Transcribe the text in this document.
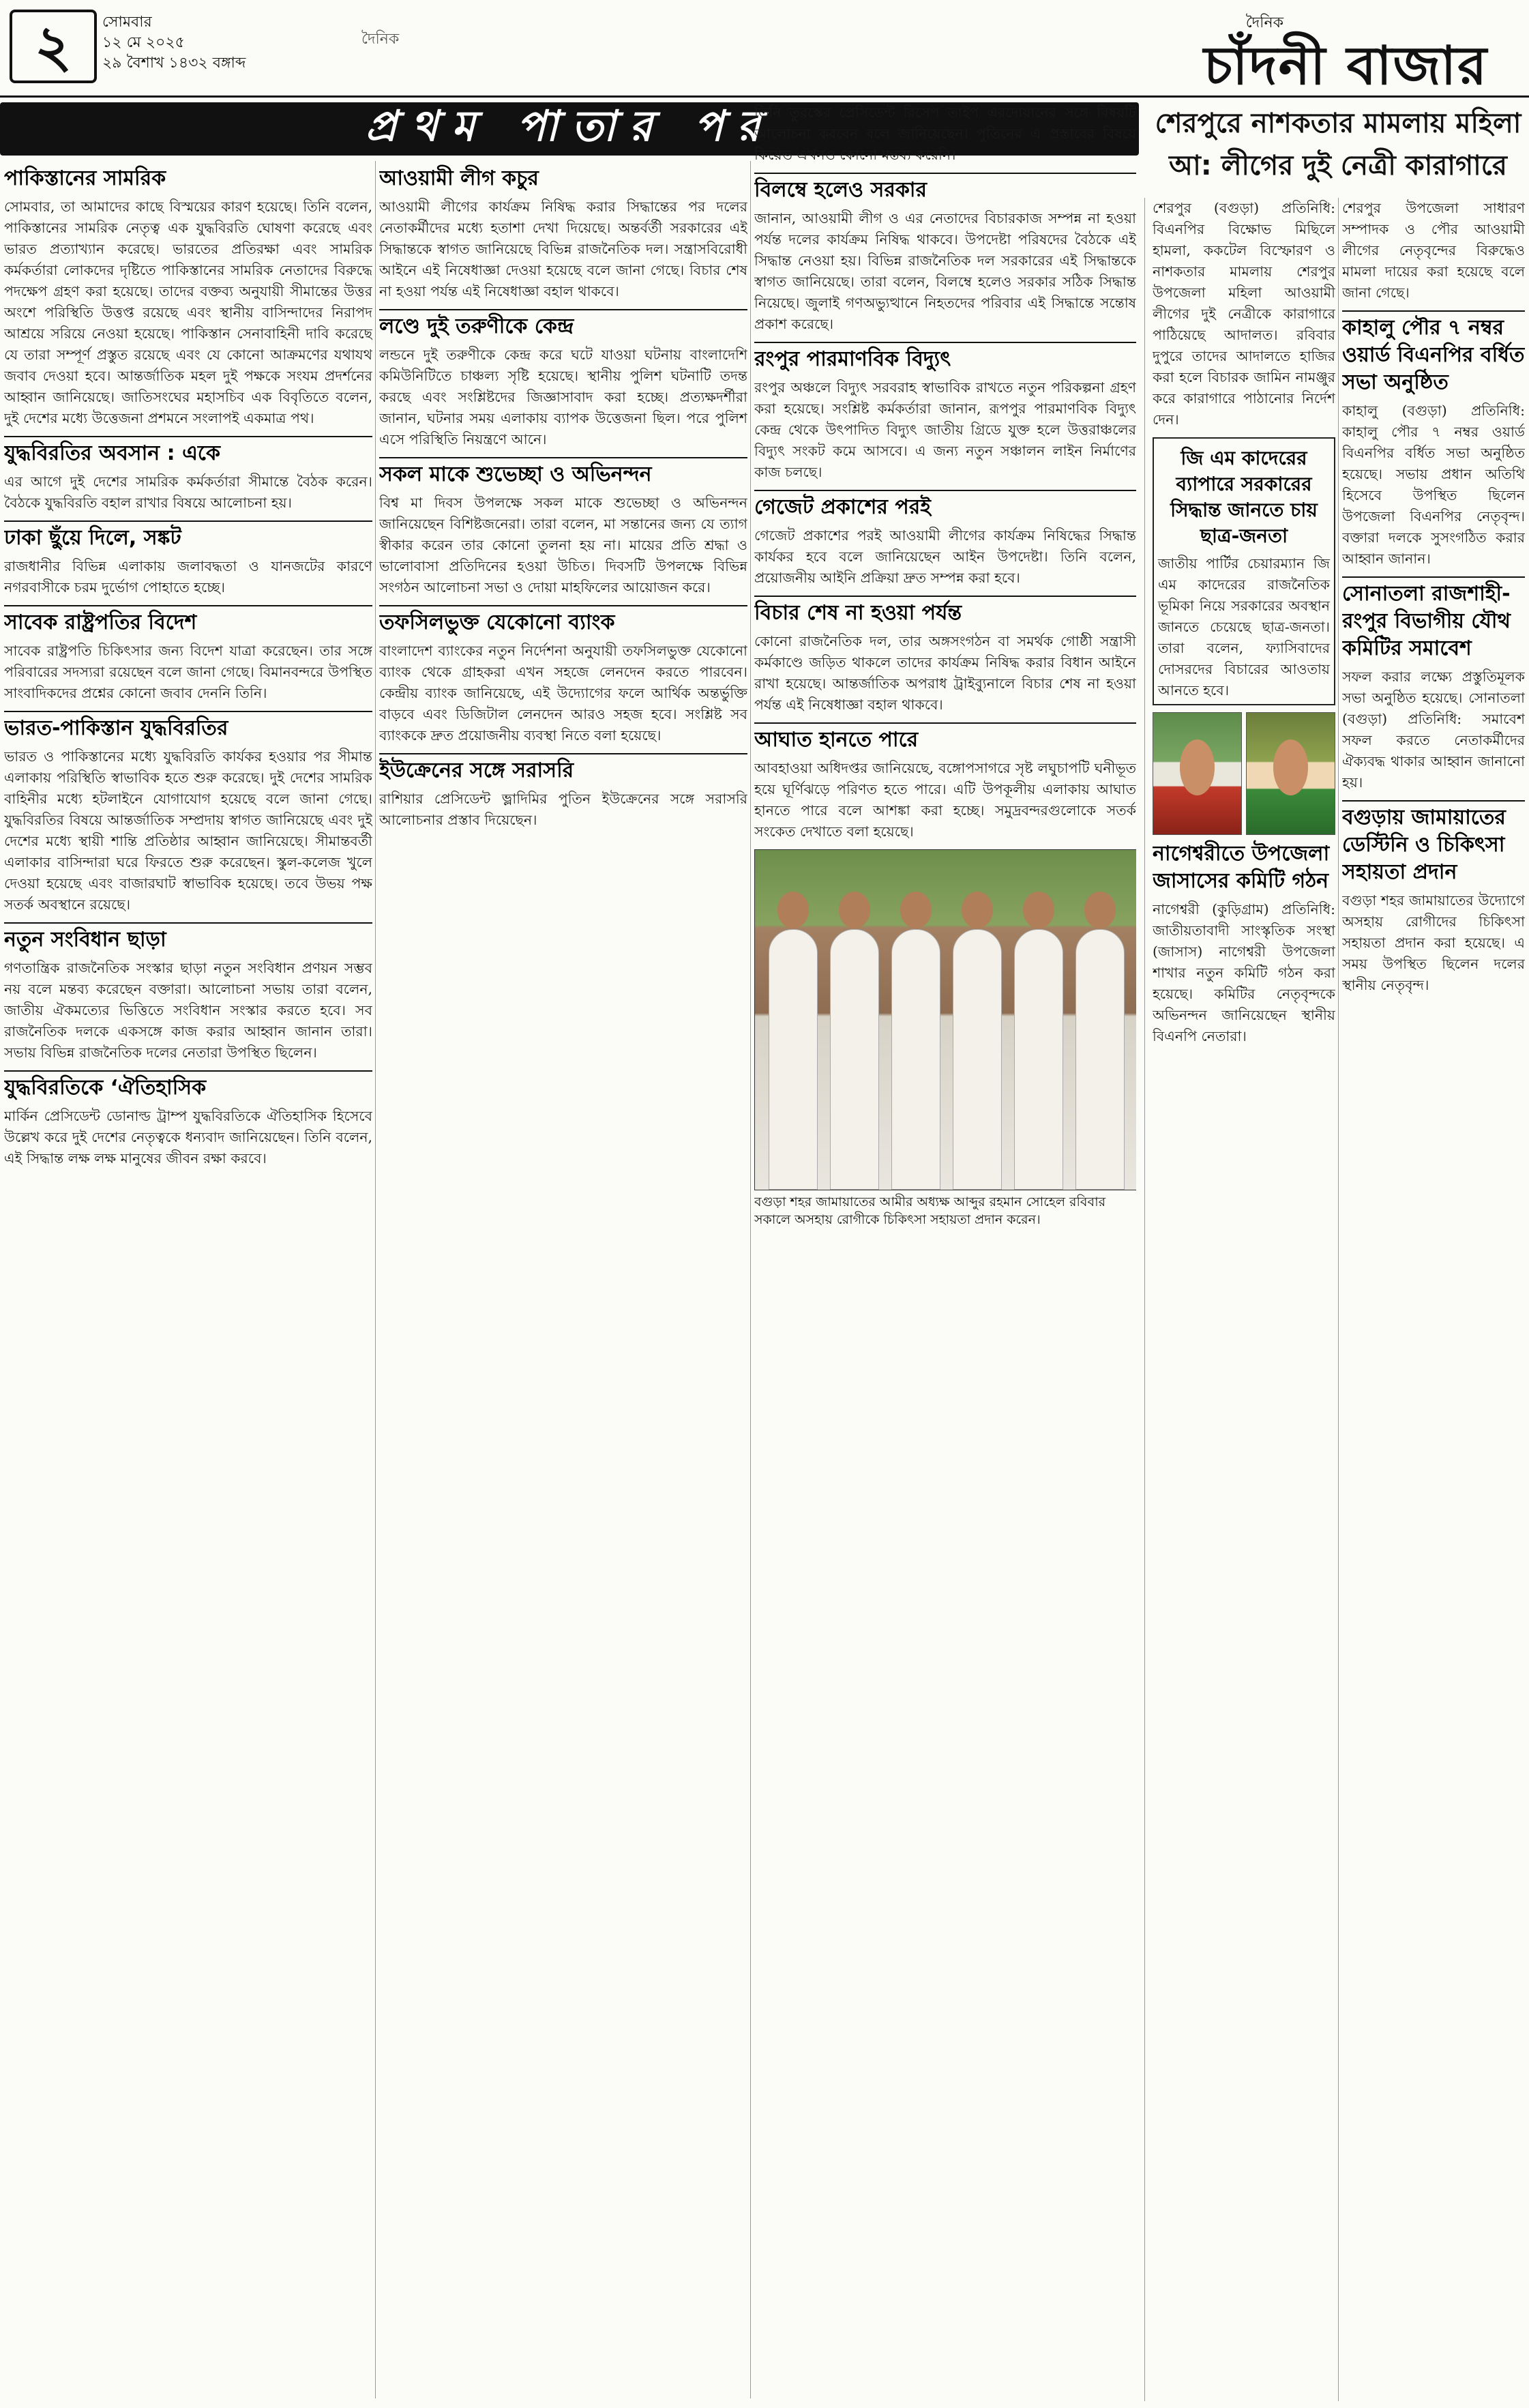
২	সোমবার
১২ মে ২০২৫
২৯ বৈশাখ ১৪৩২ বঙ্গাব্দ
দৈনিক
দৈনিক
চাঁদনী বাজার
প্রথম পাতার পর	শেরপুরে নাশকতার মামলায় মহিলা আ: লীগের দুই নেত্রী কারাগারে
পাকিস্তানের সামরিক

সোমবার, তা আমাদের কাছে বিস্ময়ের কারণ হয়েছে। তিনি বলেন, পাকিস্তানের সামরিক নেতৃত্ব এক যুদ্ধবিরতি ঘোষণা করেছে এবং ভারত প্রত্যাখ্যান করেছে। ভারতের প্রতিরক্ষা এবং সামরিক কর্মকর্তারা লোকদের দৃষ্টিতে পাকিস্তানের সামরিক নেতাদের বিরুদ্ধে পদক্ষেপ গ্রহণ করা হয়েছে। তাদের বক্তব্য অনুযায়ী সীমান্তের উত্তর অংশে পরিস্থিতি উত্তপ্ত রয়েছে এবং স্থানীয় বাসিন্দাদের নিরাপদ আশ্রয়ে সরিয়ে নেওয়া হয়েছে। পাকিস্তান সেনাবাহিনী দাবি করেছে যে তারা সম্পূর্ণ প্রস্তুত রয়েছে এবং যে কোনো আক্রমণের যথাযথ জবাব দেওয়া হবে। আন্তর্জাতিক মহল দুই পক্ষকে সংযম প্রদর্শনের আহ্বান জানিয়েছে। জাতিসংঘের মহাসচিব এক বিবৃতিতে বলেন, দুই দেশের মধ্যে উত্তেজনা প্রশমনে সংলাপই একমাত্র পথ।

যুদ্ধবিরতির অবসান : একে

এর আগে দুই দেশের সামরিক কর্মকর্তারা সীমান্তে বৈঠক করেন। বৈঠকে যুদ্ধবিরতি বহাল রাখার বিষয়ে আলোচনা হয়।

ঢাকা ছুঁয়ে দিলে, সঙ্কট

রাজধানীর বিভিন্ন এলাকায় জলাবদ্ধতা ও যানজটের কারণে নগরবাসীকে চরম দুর্ভোগ পোহাতে হচ্ছে।

সাবেক রাষ্ট্রপতির বিদেশ

সাবেক রাষ্ট্রপতি চিকিৎসার জন্য বিদেশ যাত্রা করেছেন। তার সঙ্গে পরিবারের সদস্যরা রয়েছেন বলে জানা গেছে। বিমানবন্দরে উপস্থিত সাংবাদিকদের প্রশ্নের কোনো জবাব দেননি তিনি।

ভারত-পাকিস্তান যুদ্ধবিরতির

ভারত ও পাকিস্তানের মধ্যে যুদ্ধবিরতি কার্যকর হওয়ার পর সীমান্ত এলাকায় পরিস্থিতি স্বাভাবিক হতে শুরু করেছে। দুই দেশের সামরিক বাহিনীর মধ্যে হটলাইনে যোগাযোগ হয়েছে বলে জানা গেছে। যুদ্ধবিরতির বিষয়ে আন্তর্জাতিক সম্প্রদায় স্বাগত জানিয়েছে এবং দুই দেশের মধ্যে স্থায়ী শান্তি প্রতিষ্ঠার আহ্বান জানিয়েছে। সীমান্তবর্তী এলাকার বাসিন্দারা ঘরে ফিরতে শুরু করেছেন। স্কুল-কলেজ খুলে দেওয়া হয়েছে এবং বাজারঘাট স্বাভাবিক হয়েছে। তবে উভয় পক্ষ সতর্ক অবস্থানে রয়েছে।

নতুন সংবিধান ছাড়া

গণতান্ত্রিক রাজনৈতিক সংস্কার ছাড়া নতুন সংবিধান প্রণয়ন সম্ভব নয় বলে মন্তব্য করেছেন বক্তারা। আলোচনা সভায় তারা বলেন, জাতীয় ঐকমত্যের ভিত্তিতে সংবিধান সংস্কার করতে হবে। সব রাজনৈতিক দলকে একসঙ্গে কাজ করার আহ্বান জানান তারা। সভায় বিভিন্ন রাজনৈতিক দলের নেতারা উপস্থিত ছিলেন।

যুদ্ধবিরতিকে ‘ঐতিহাসিক

মার্কিন প্রেসিডেন্ট ডোনাল্ড ট্রাম্প যুদ্ধবিরতিকে ঐতিহাসিক হিসেবে উল্লেখ করে দুই দেশের নেতৃত্বকে ধন্যবাদ জানিয়েছেন। তিনি বলেন, এই সিদ্ধান্ত লক্ষ লক্ষ মানুষের জীবন রক্ষা করবে।

আওয়ামী লীগ কচুর

আওয়ামী লীগের কার্যক্রম নিষিদ্ধ করার সিদ্ধান্তের পর দলের নেতাকর্মীদের মধ্যে হতাশা দেখা দিয়েছে। অন্তর্বর্তী সরকারের এই সিদ্ধান্তকে স্বাগত জানিয়েছে বিভিন্ন রাজনৈতিক দল। সন্ত্রাসবিরোধী আইনে এই নিষেধাজ্ঞা দেওয়া হয়েছে বলে জানা গেছে। বিচার শেষ না হওয়া পর্যন্ত এই নিষেধাজ্ঞা বহাল থাকবে।

লণ্ডে দুই তরুণীকে কেন্দ্র

লন্ডনে দুই তরুণীকে কেন্দ্র করে ঘটে যাওয়া ঘটনায় বাংলাদেশি কমিউনিটিতে চাঞ্চল্য সৃষ্টি হয়েছে। স্থানীয় পুলিশ ঘটনাটি তদন্ত করছে এবং সংশ্লিষ্টদের জিজ্ঞাসাবাদ করা হচ্ছে। প্রত্যক্ষদর্শীরা জানান, ঘটনার সময় এলাকায় ব্যাপক উত্তেজনা ছিল। পরে পুলিশ এসে পরিস্থিতি নিয়ন্ত্রণে আনে।

সকল মাকে শুভেচ্ছা ও অভিনন্দন

বিশ্ব মা দিবস উপলক্ষে সকল মাকে শুভেচ্ছা ও অভিনন্দন জানিয়েছেন বিশিষ্টজনেরা। তারা বলেন, মা সন্তানের জন্য যে ত্যাগ স্বীকার করেন তার কোনো তুলনা হয় না। মায়ের প্রতি শ্রদ্ধা ও ভালোবাসা প্রতিদিনের হওয়া উচিত। দিবসটি উপলক্ষে বিভিন্ন সংগঠন আলোচনা সভা ও দোয়া মাহফিলের আয়োজন করে।

তফসিলভুক্ত যেকোনো ব্যাংক

বাংলাদেশ ব্যাংকের নতুন নির্দেশনা অনুযায়ী তফসিলভুক্ত যেকোনো ব্যাংক থেকে গ্রাহকরা এখন সহজে লেনদেন করতে পারবেন। কেন্দ্রীয় ব্যাংক জানিয়েছে, এই উদ্যোগের ফলে আর্থিক অন্তর্ভুক্তি বাড়বে এবং ডিজিটাল লেনদেন আরও সহজ হবে। সংশ্লিষ্ট সব ব্যাংককে দ্রুত প্রয়োজনীয় ব্যবস্থা নিতে বলা হয়েছে।

ইউক্রেনের সঙ্গে সরাসরি

রাশিয়ার প্রেসিডেন্ট ভ্লাদিমির পুতিন ইউক্রেনের সঙ্গে সরাসরি আলোচনার প্রস্তাব দিয়েছেন।

তিনি তুরস্কের প্রেসিডেন্ট রিসেপ তাইপ এরদোয়ানের সঙ্গে বিষয়টি আলোচনা করবেন বলে জানিয়েছেন। পুতিনের এ প্রস্তাবের বিষয়ে কিয়েভ এখনও কোনো মন্তব্য করেনি।

বিলম্বে হলেও সরকার

জানান, আওয়ামী লীগ ও এর নেতাদের বিচারকাজ সম্পন্ন না হওয়া পর্যন্ত দলের কার্যক্রম নিষিদ্ধ থাকবে। উপদেষ্টা পরিষদের বৈঠকে এই সিদ্ধান্ত নেওয়া হয়। বিভিন্ন রাজনৈতিক দল সরকারের এই সিদ্ধান্তকে স্বাগত জানিয়েছে। তারা বলেন, বিলম্বে হলেও সরকার সঠিক সিদ্ধান্ত নিয়েছে। জুলাই গণঅভ্যুত্থানে নিহতদের পরিবার এই সিদ্ধান্তে সন্তোষ প্রকাশ করেছে।

রংপুর পারমাণবিক বিদ্যুৎ

রংপুর অঞ্চলে বিদ্যুৎ সরবরাহ স্বাভাবিক রাখতে নতুন পরিকল্পনা গ্রহণ করা হয়েছে। সংশ্লিষ্ট কর্মকর্তারা জানান, রূপপুর পারমাণবিক বিদ্যুৎ কেন্দ্র থেকে উৎপাদিত বিদ্যুৎ জাতীয় গ্রিডে যুক্ত হলে উত্তরাঞ্চলের বিদ্যুৎ সংকট কমে আসবে। এ জন্য নতুন সঞ্চালন লাইন নির্মাণের কাজ চলছে।

গেজেট প্রকাশের পরই

গেজেট প্রকাশের পরই আওয়ামী লীগের কার্যক্রম নিষিদ্ধের সিদ্ধান্ত কার্যকর হবে বলে জানিয়েছেন আইন উপদেষ্টা। তিনি বলেন, প্রয়োজনীয় আইনি প্রক্রিয়া দ্রুত সম্পন্ন করা হবে।

বিচার শেষ না হওয়া পর্যন্ত

কোনো রাজনৈতিক দল, তার অঙ্গসংগঠন বা সমর্থক গোষ্ঠী সন্ত্রাসী কর্মকাণ্ডে জড়িত থাকলে তাদের কার্যক্রম নিষিদ্ধ করার বিধান আইনে রাখা হয়েছে। আন্তর্জাতিক অপরাধ ট্রাইব্যুনালে বিচার শেষ না হওয়া পর্যন্ত এই নিষেধাজ্ঞা বহাল থাকবে।

আঘাত হানতে পারে

আবহাওয়া অধিদপ্তর জানিয়েছে, বঙ্গোপসাগরে সৃষ্ট লঘুচাপটি ঘনীভূত হয়ে ঘূর্ণিঝড়ে পরিণত হতে পারে। এটি উপকূলীয় এলাকায় আঘাত হানতে পারে বলে আশঙ্কা করা হচ্ছে। সমুদ্রবন্দরগুলোকে সতর্ক সংকেত দেখাতে বলা হয়েছে।

বগুড়া শহর জামায়াতের আমীর অধ্যক্ষ আব্দুর রহমান সোহেল রবিবার সকালে অসহায় রোগীকে চিকিৎসা সহায়তা প্রদান করেন।

শেরপুর (বগুড়া) প্রতিনিধি: বিএনপির বিক্ষোভ মিছিলে হামলা, ককটেল বিস্ফোরণ ও নাশকতার মামলায় শেরপুর উপজেলা মহিলা আওয়ামী লীগের দুই নেত্রীকে কারাগারে পাঠিয়েছে আদালত। রবিবার দুপুরে তাদের আদালতে হাজির করা হলে বিচারক জামিন নামঞ্জুর করে কারাগারে পাঠানোর নির্দেশ দেন।

জি এম কাদেরের ব্যাপারে সরকারের সিদ্ধান্ত জানতে চায় ছাত্র-জনতা

জাতীয় পার্টির চেয়ারম্যান জি এম কাদেরের রাজনৈতিক ভূমিকা নিয়ে সরকারের অবস্থান জানতে চেয়েছে ছাত্র-জনতা। তারা বলেন, ফ্যাসিবাদের দোসরদের বিচারের আওতায় আনতে হবে।

নাগেশ্বরীতে উপজেলা জাসাসের কমিটি গঠন

নাগেশ্বরী (কুড়িগ্রাম) প্রতিনিধি: জাতীয়তাবাদী সাংস্কৃতিক সংস্থা (জাসাস) নাগেশ্বরী উপজেলা শাখার নতুন কমিটি গঠন করা হয়েছে। কমিটির নেতৃবৃন্দকে অভিনন্দন জানিয়েছেন স্থানীয় বিএনপি নেতারা।

শেরপুর উপজেলা সাধারণ সম্পাদক ও পৌর আওয়ামী লীগের নেতৃবৃন্দের বিরুদ্ধেও মামলা দায়ের করা হয়েছে বলে জানা গেছে।

কাহালু পৌর ৭ নম্বর ওয়ার্ড বিএনপির বর্ধিত সভা অনুষ্ঠিত

কাহালু (বগুড়া) প্রতিনিধি: কাহালু পৌর ৭ নম্বর ওয়ার্ড বিএনপির বর্ধিত সভা অনুষ্ঠিত হয়েছে। সভায় প্রধান অতিথি হিসেবে উপস্থিত ছিলেন উপজেলা বিএনপির নেতৃবৃন্দ। বক্তারা দলকে সুসংগঠিত করার আহ্বান জানান।

সোনাতলা রাজশাহী-রংপুর বিভাগীয় যৌথ কমিটির সমাবেশ

সফল করার লক্ষ্যে প্রস্তুতিমূলক সভা অনুষ্ঠিত হয়েছে। সোনাতলা (বগুড়া) প্রতিনিধি: সমাবেশ সফল করতে নেতাকর্মীদের ঐক্যবদ্ধ থাকার আহ্বান জানানো হয়।

বগুড়ায় জামায়াতের ডেস্টিনি ও চিকিৎসা সহায়তা প্রদান

বগুড়া শহর জামায়াতের উদ্যোগে অসহায় রোগীদের চিকিৎসা সহায়তা প্রদান করা হয়েছে। এ সময় উপস্থিত ছিলেন দলের স্থানীয় নেতৃবৃন্দ।
